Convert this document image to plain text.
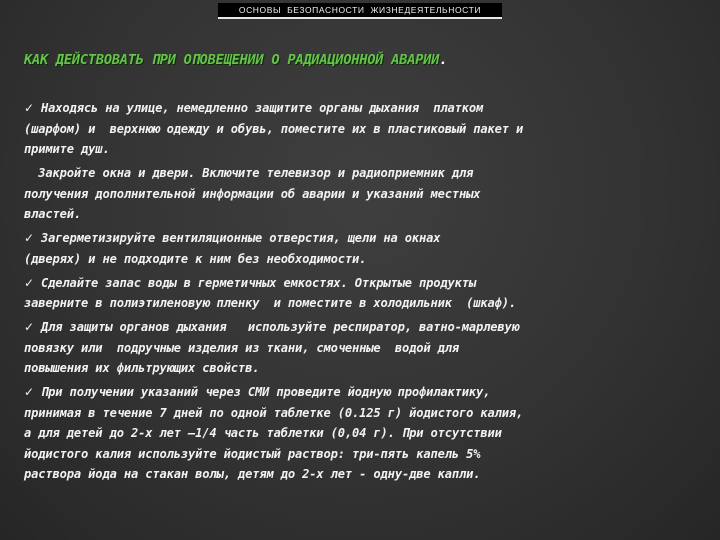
ОСНОВЫ  БЕЗОПАСНОСТИ  ЖИЗНЕДЕЯТЕЛЬНОСТИ
КАК ДЕЙСТВОВАТЬ ПРИ ОПОВЕЩЕНИИ О РАДИАЦИОННОЙ АВАРИИ.
✓ Находясь на улице, немедленно защитите органы дыхания  платком
(шарфом) и  верхнюю одежду и обувь, поместите их в пластиковый пакет и
примите душ.
Закройте окна и двери. Включите телевизор и радиоприемник для
получения дополнительной информации об аварии и указаний местных
властей.
✓ Загерметизируйте вентиляционные отверстия, щели на окнах
(дверях) и не подходите к ним без необходимости.
✓ Сделайте запас воды в герметичных емкостях. Открытые продукты
заверните в полиэтиленовую пленку  и поместите в холодильник  (шкаф).
✓ Для защиты органов дыхания   используйте респиратор, ватно-марлевую
повязку или  подручные изделия из ткани, смоченные  водой для
повышения их фильтрующих свойств.
✓ При получении указаний через СМИ проведите йодную профилактику,
принимая в течение 7 дней по одной таблетке (0.125 г) йодистого калия,
а для детей до 2-х лет –1/4 часть таблетки (0,04 г). При отсутствии
йодистого калия используйте йодистый раствор: три-пять капель 5%
раствора йода на стакан волы, детям до 2-х лет - одну-две капли.
